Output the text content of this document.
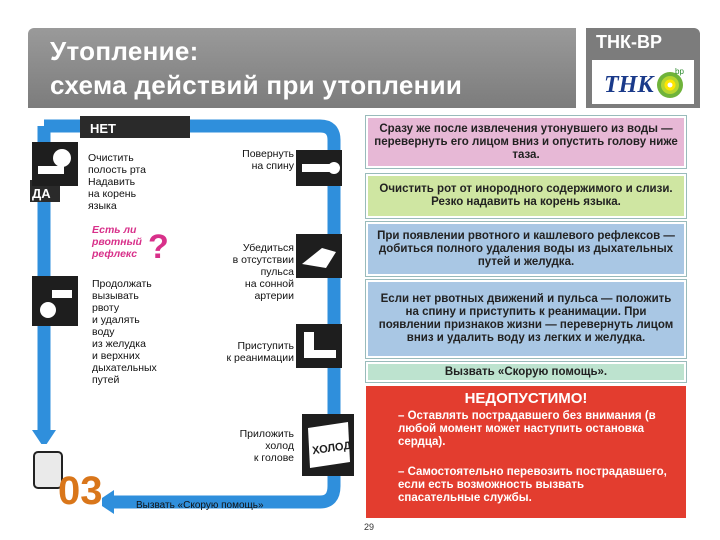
Утопление:
схема действий при утоплении
ТНК-ВР
ТНК
bp
НЕТ
ДА
ХОЛОД
03
Очистить
полость рта
Надавить
на корень
языка
Есть ли
рвотный
рефлекс ?
Продолжать
вызывать
рвоту
и удалять
воду
из желудка
и верхних
дыхательных
путей
Повернуть
на спину
Убедиться
в отсутствии
пульса
на сонной
артерии
Приступить
к реанимации
Приложить
холод
к голове
Вызвать «Скорую помощь»
Сразу же после извлечения утонувшего из воды — перевернуть его лицом вниз и опустить голову ниже таза.
Очистить рот от инородного содержимого и слизи. Резко надавить на корень языка.
При появлении рвотного и кашлевого рефлексов — добиться полного удаления воды из дыхательных путей и желудка.
Если нет рвотных движений и пульса — положить на спину и приступить к реанимации. При появлении признаков жизни — перевернуть лицом вниз и удалить воду из легких и желудка.
Вызвать «Скорую помощь».
НЕДОПУСТИМО!
– Оставлять пострадавшего без внимания (в любой момент может наступить остановка сердца).
– Самостоятельно перевозить пострадавшего, если есть возможность вызвать спасательные службы.
29
